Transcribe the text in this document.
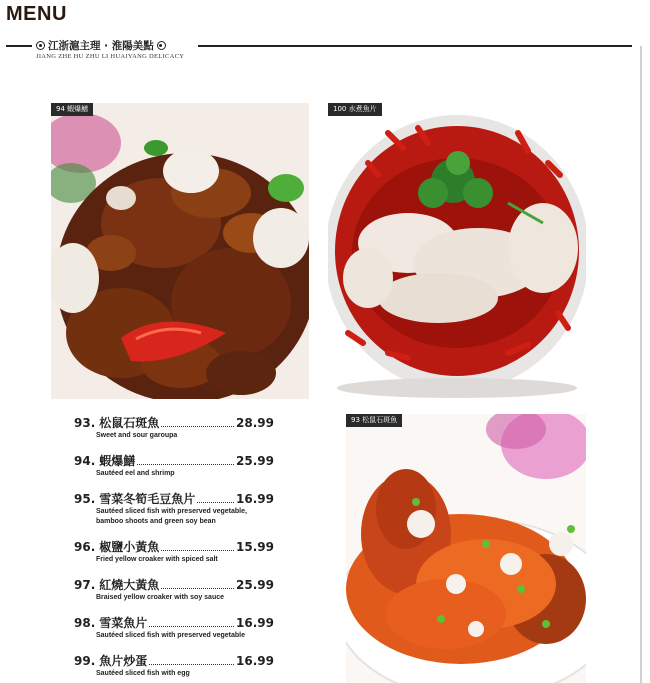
MENU
江浙滬主理 · 淮陽美點
JIANG ZHE HU ZHU LI HUAIYANG DELICACY
94 蝦爆鱔	100 水煮魚片
93 松鼠石斑魚
93. 松鼠石斑魚	28.99
Sweet and sour garoupa
94. 蝦爆鱔	25.99
Sautéed eel and shrimp
95. 雪菜冬筍毛豆魚片	16.99
Sautéed sliced fish with preserved vegetable,
bamboo shoots and green soy bean
96. 椒鹽小黃魚	15.99
Fried yellow croaker with spiced salt
97. 紅燒大黃魚	25.99
Braised yellow croaker with soy sauce
98. 雪菜魚片	16.99
Sautéed sliced fish with preserved vegetable
99. 魚片炒蛋	16.99
Sautéed sliced fish with egg
